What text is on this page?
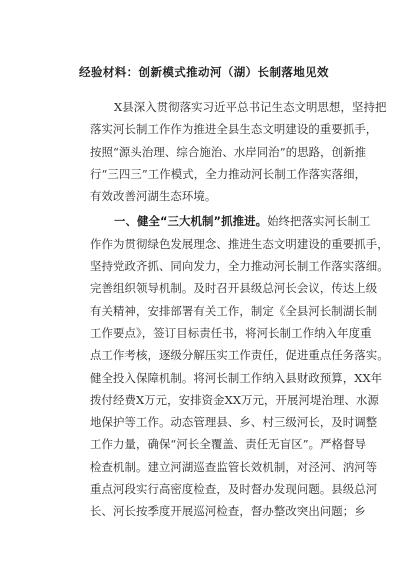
经验材料：创新模式推动河（湖）长制落地见效
X县深入贯彻落实习近平总书记生态文明思想，坚持把
落实河长制工作作为推进全县生态文明建设的重要抓手，
按照“源头治理、综合施治、水岸同治”的思路，创新推
行“三四三”工作模式，全力推动河长制工作落实落细，
有效改善河湖生态环境。
一、健全“三大机制”抓推进。始终把落实河长制工
作作为贯彻绿色发展理念、推进生态文明建设的重要抓手，
坚持党政齐抓、同向发力，全力推动河长制工作落实落细。
完善组织领导机制。及时召开县级总河长会议，传达上级
有关精神，安排部署有关工作，制定《全县河长制湖长制
工作要点》，签订目标责任书，将河长制工作纳入年度重
点工作考核，逐级分解压实工作责任，促进重点任务落实。
健全投入保障机制。将河长制工作纳入县财政预算，XX年
拨付经费X万元，安排资金XX万元，开展河堤治理、水源
地保护等工作。动态管理县、乡、村三级河长，及时调整
工作力量，确保“河长全覆盖、责任无盲区”。严格督导
检查机制。建立河湖巡查监管长效机制，对泾河、汭河等
重点河段实行高密度检查，及时督办发现问题。县级总河
长、河长按季度开展巡河检查，督办整改突出问题；乡
